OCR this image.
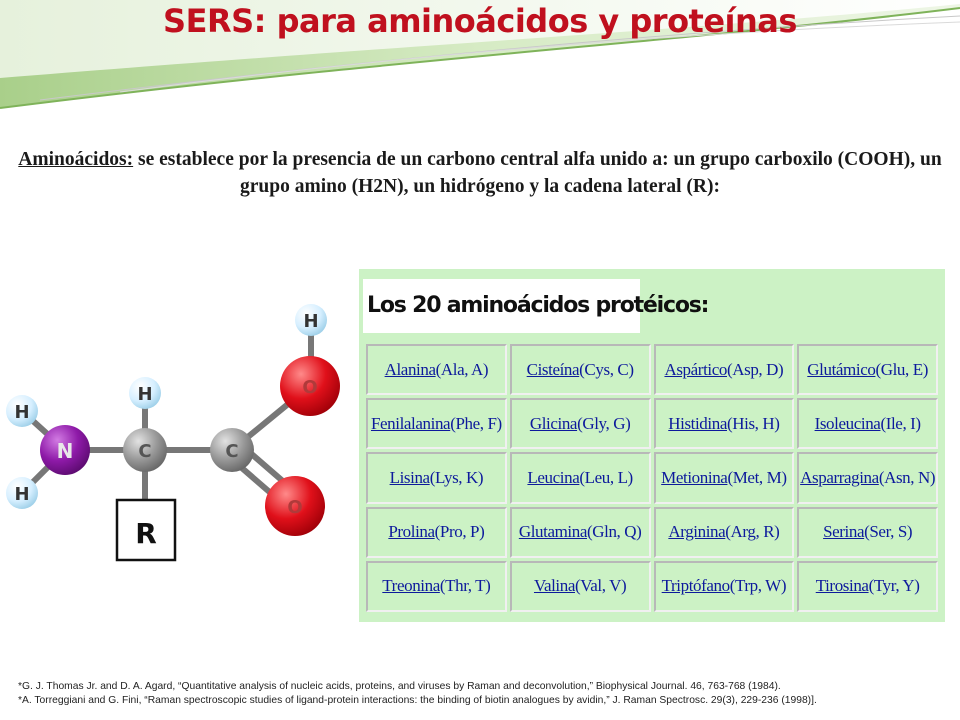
SERS: para aminoácidos y proteínas
Aminoácidos: se establece por la presencia de un carbono central alfa unido a: un grupo carboxilo (COOH), un grupo amino (H2N), un hidrógeno y la cadena lateral (R):
R
H
H
H
H
N	C	C
O
O
Los 20 aminoácidos protéicos:
Alanina (Ala, A) Cisteína (Cys, C) Aspártico (Asp, D) Glutámico (Glu, E)
Fenilalanina (Phe, F) Glicina (Gly, G) Histidina (His, H) Isoleucina (Ile, I)
Lisina (Lys, K)	Leucina (Leu, L) Metionina (Met, M) Asparragina (Asn, N)
Prolina (Pro, P) Glutamina (Gln, Q) Arginina (Arg, R)	Serina (Ser, S)
Treonina (Thr, T)	Valina (Val, V) Triptófano (Trp, W) Tirosina (Tyr, Y)
*G. J. Thomas Jr. and D. A. Agard, “Quantitative analysis of nucleic acids, proteins, and viruses by Raman and deconvolution,” Biophysical Journal. 46, 763-768 (1984).
*A. Torreggiani and G. Fini, “Raman spectroscopic studies of ligand-protein interactions: the binding of biotin analogues by avidin,” J. Raman Spectrosc. 29(3), 229-236 (1998)].
